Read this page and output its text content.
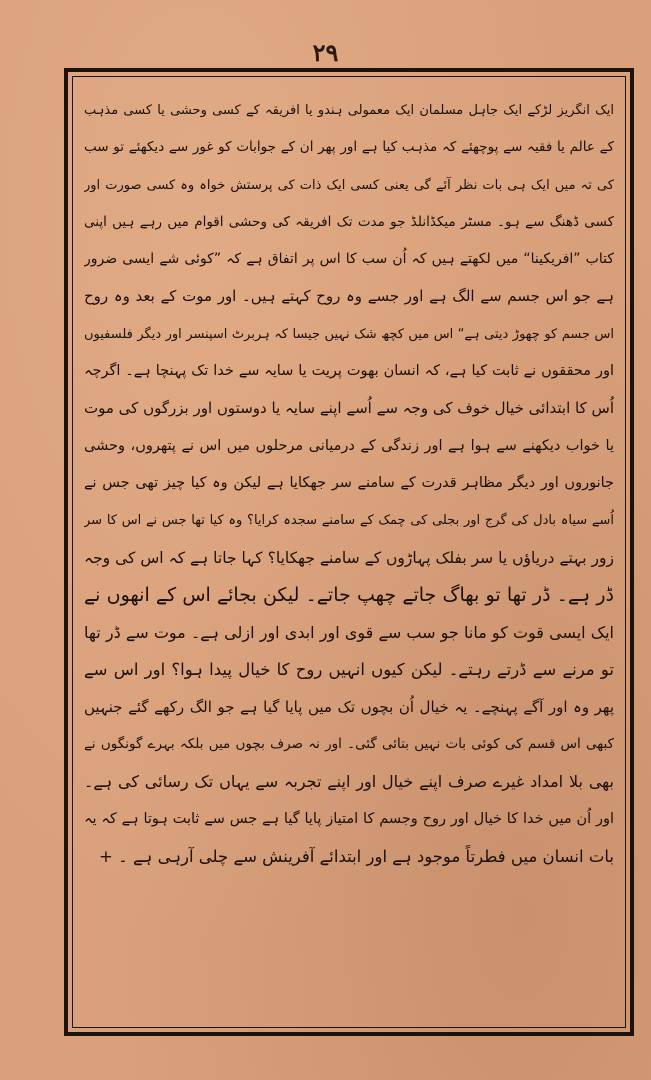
۲۹
ایک انگریز لڑکے ایک جاہل مسلمان ایک معمولی ہندو یا افریقہ کے کسی وحشی یا کسی مذہب
کے عالم یا فقیہ سے پوچھئے کہ مذہب کیا ہے اور پھر ان کے جوابات کو غور سے دیکھئے تو سب
کی تہ میں ایک ہی بات نظر آئے گی یعنی کسی ایک ذات کی پرستش خواہ وہ کسی صورت اور
کسی ڈھنگ سے ہو۔ مسٹر میکڈانلڈ جو مدت تک افریقہ کی وحشی اقوام میں رہے ہیں اپنی
کتاب ”افریکینا“ میں لکھتے ہیں کہ اُن سب کا اس پر اتفاق ہے کہ ”کوئی شے ایسی ضرور
ہے جو اس جسم سے الگ ہے اور جسے وہ روح کہتے ہیں۔ اور موت کے بعد وہ روح
اس جسم کو چھوڑ دیتی ہے“ اس میں کچھ شک نہیں جیسا کہ ہربرٹ اسپنسر اور دیگر فلسفیوں
اور محققوں نے ثابت کیا ہے، کہ انسان بھوت پریت یا سایہ سے خدا تک پہنچا ہے۔ اگرچہ
اُس کا ابتدائی خیال خوف کی وجہ سے اُسے اپنے سایہ یا دوستوں اور بزرگوں کی موت
یا خواب دیکھنے سے ہوا ہے اور زندگی کے درمیانی مرحلوں میں اس نے پتھروں، وحشی
جانوروں اور دیگر مظاہر قدرت کے سامنے سر جھکایا ہے لیکن وہ کیا چیز تھی جس نے
اُسے سیاہ بادل کی گرج اور بجلی کی چمک کے سامنے سجدہ کرایا؟ وہ کیا تھا جس نے اس کا سر
زور بہتے دریاؤں یا سر بفلک پہاڑوں کے سامنے جھکایا؟ کہا جاتا ہے کہ اس کی وجہ
ڈر ہے۔ ڈر تھا تو بھاگ جاتے چھپ جاتے۔ لیکن بجائے اس کے انھوں نے
ایک ایسی قوت کو مانا جو سب سے قوی اور ابدی اور ازلی ہے۔ موت سے ڈر تھا
تو مرنے سے ڈرتے رہتے۔ لیکن کیوں انہیں روح کا خیال پیدا ہوا؟ اور اس سے
پھر وہ اور آگے پہنچے۔ یہ خیال اُن بچوں تک میں پایا گیا ہے جو الگ رکھے گئے جنہیں
کبھی اس قسم کی کوئی بات نہیں بتائی گئی۔ اور نہ صرف بچوں میں بلکہ بہرے گونگوں نے
بھی بلا امداد غیرے صرف اپنے خیال اور اپنے تجربہ سے یہاں تک رسائی کی ہے۔
اور اُن میں خدا کا خیال اور روح وجسم کا امتیاز پایا گیا ہے جس سے ثابت ہوتا ہے کہ یہ
بات انسان میں فطرتاً موجود ہے اور ابتدائے آفرینش سے چلی آرہی ہے ۔ +
